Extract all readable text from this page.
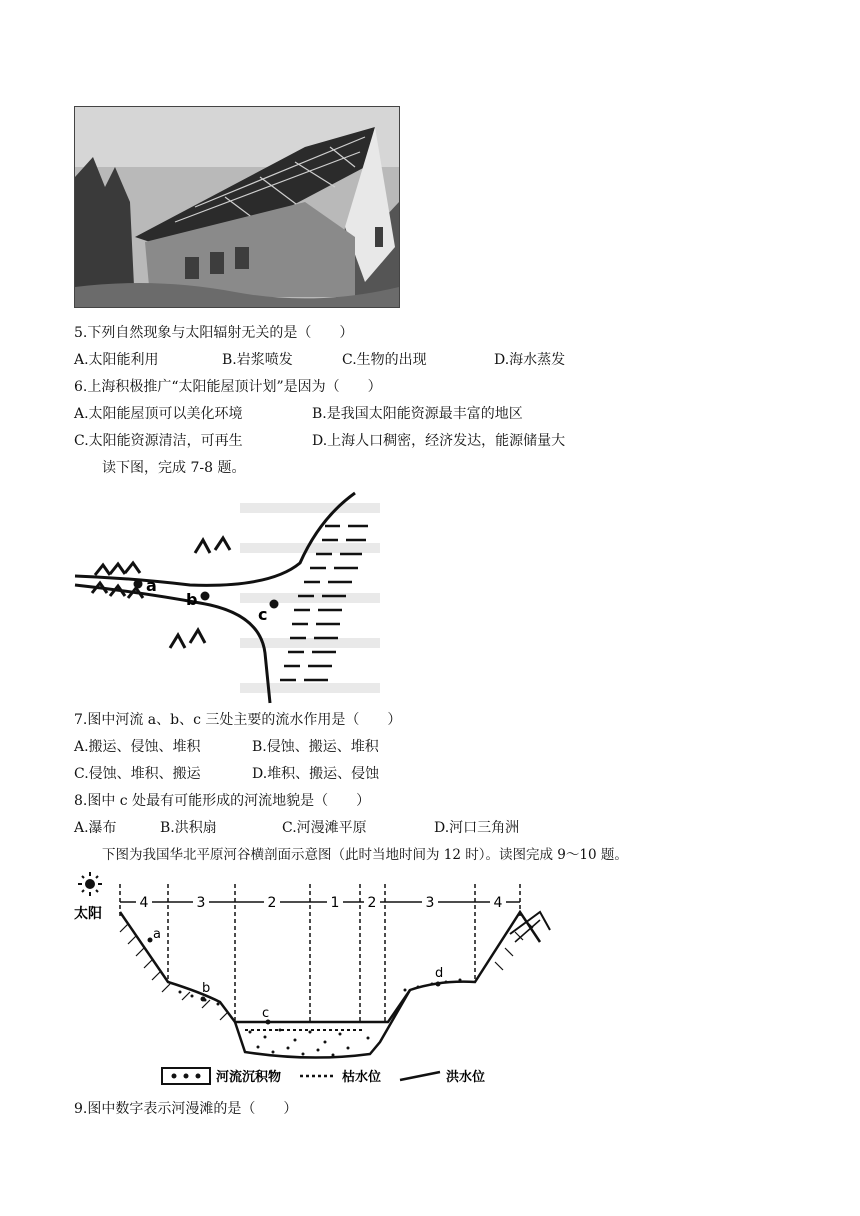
5.下列自然现象与太阳辐射无关的是（　　）
A.太阳能利用	B.岩浆喷发	C.生物的出现	D.海水蒸发
6.上海积极推广“太阳能屋顶计划”是因为（　　）
A.太阳能屋顶可以美化环境	B.是我国太阳能资源最丰富的地区
C.太阳能资源清洁，可再生	D.上海人口稠密，经济发达，能源储量大
读下图，完成 7-8 题。
a
b
c
7.图中河流 a、b、c 三处主要的流水作用是（　　）
A.搬运、侵蚀、堆积	B.侵蚀、搬运、堆积
C.侵蚀、堆积、搬运	D.堆积、搬运、侵蚀
8.图中 c 处最有可能形成的河流地貌是（　　）
A.瀑布	B.洪积扇	C.河漫滩平原	D.河口三角洲
下图为我国华北平原河谷横剖面示意图（此时当地时间为 12 时）。读图完成 9～10 题。
太阳
4	3	2	1 2	3	4
a
b
c
d
河流沉积物	枯水位	洪水位
9.图中数字表示河漫滩的是（　　）
